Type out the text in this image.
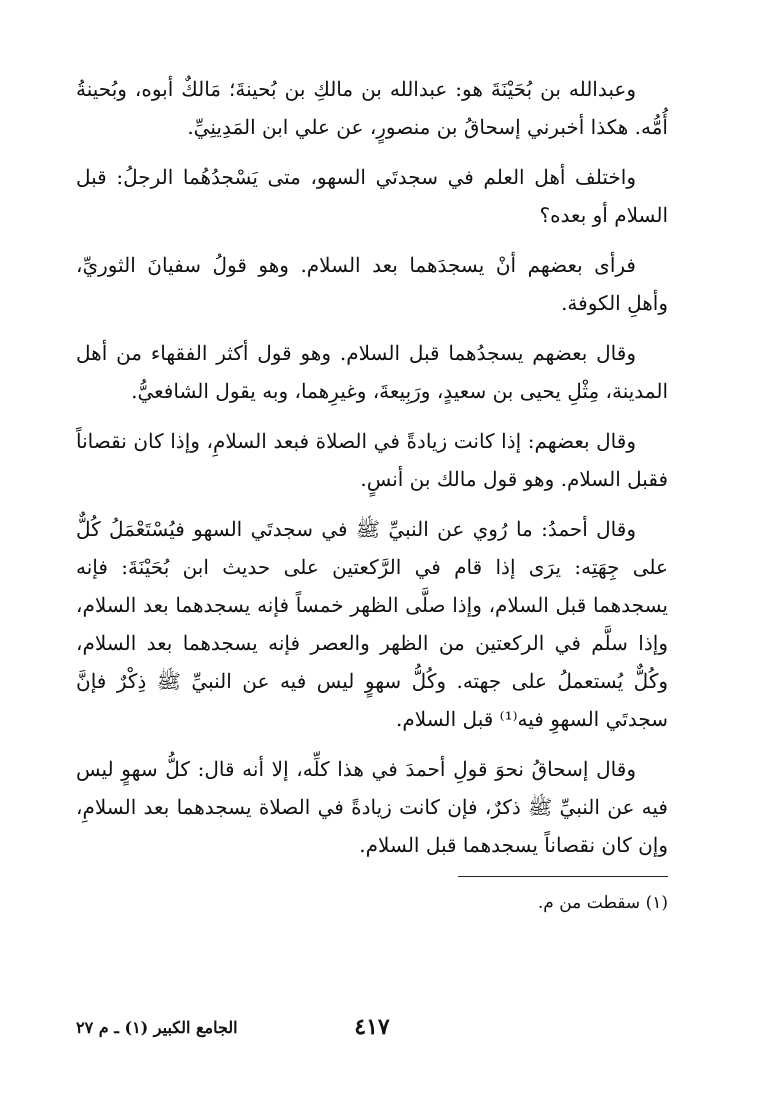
وعبدالله بن بُحَيْنَةَ هو: عبدالله بن مالكِ بن بُحينةَ؛ مَالكٌ أبوه، وبُحينةُ أُمُّه. هكذا أخبرني إسحاقُ بن منصورٍ، عن علي ابن المَدِينِيِّ.

واختلف أهل العلم في سجدتَي السهو، متى يَسْجدُهُما الرجلُ: قبل السلام أو بعده؟

فرأى بعضهم أنْ يسجدَهما بعد السلام. وهو قولُ سفيانَ الثوريِّ، وأهلِ الكوفة.

وقال بعضهم يسجدُهما قبل السلام. وهو قول أكثر الفقهاء من أهل المدينة، مِثْلِ يحيى بن سعيدٍ، ورَبِيعةَ، وغيرِهما، وبه يقول الشافعيُّ.

وقال بعضهم: إذا كانت زيادةً في الصلاة فبعد السلامِ، وإذا كان نقصاناً فقبل السلام. وهو قول مالك بن أنسٍ.

وقال أحمدُ: ما رُوي عن النبيِّ ﷺ في سجدتَي السهو فيُسْتَعْمَلُ كُلٌّ على جِهَتِه: يرَى إذا قام في الرَّكعتين على حديث ابن بُحَيْنَةَ: فإنه يسجدهما قبل السلام، وإذا صلَّى الظهر خمساً فإنه يسجدهما بعد السلام، وإذا سلَّم في الركعتين من الظهر والعصر فإنه يسجدهما بعد السلام، وكُلٌّ يُستعملُ على جهته. وكُلُّ سهوٍ ليس فيه عن النبيِّ ﷺ ذِكْرٌ فإنَّ سجدتَي السهوِ فيه⁽¹⁾ قبل السلام.

وقال إسحاقُ نحوَ قولِ أحمدَ في هذا كلِّه، إلا أنه قال: كلُّ سهوٍ ليس فيه عن النبيِّ ﷺ ذكرٌ، فإن كانت زيادةً في الصلاة يسجدهما بعد السلامِ، وإن كان نقصاناً يسجدهما قبل السلام.

(١) سقطت من م.

٤١٧
الجامع الكبير (١) ـ م ٢٧
